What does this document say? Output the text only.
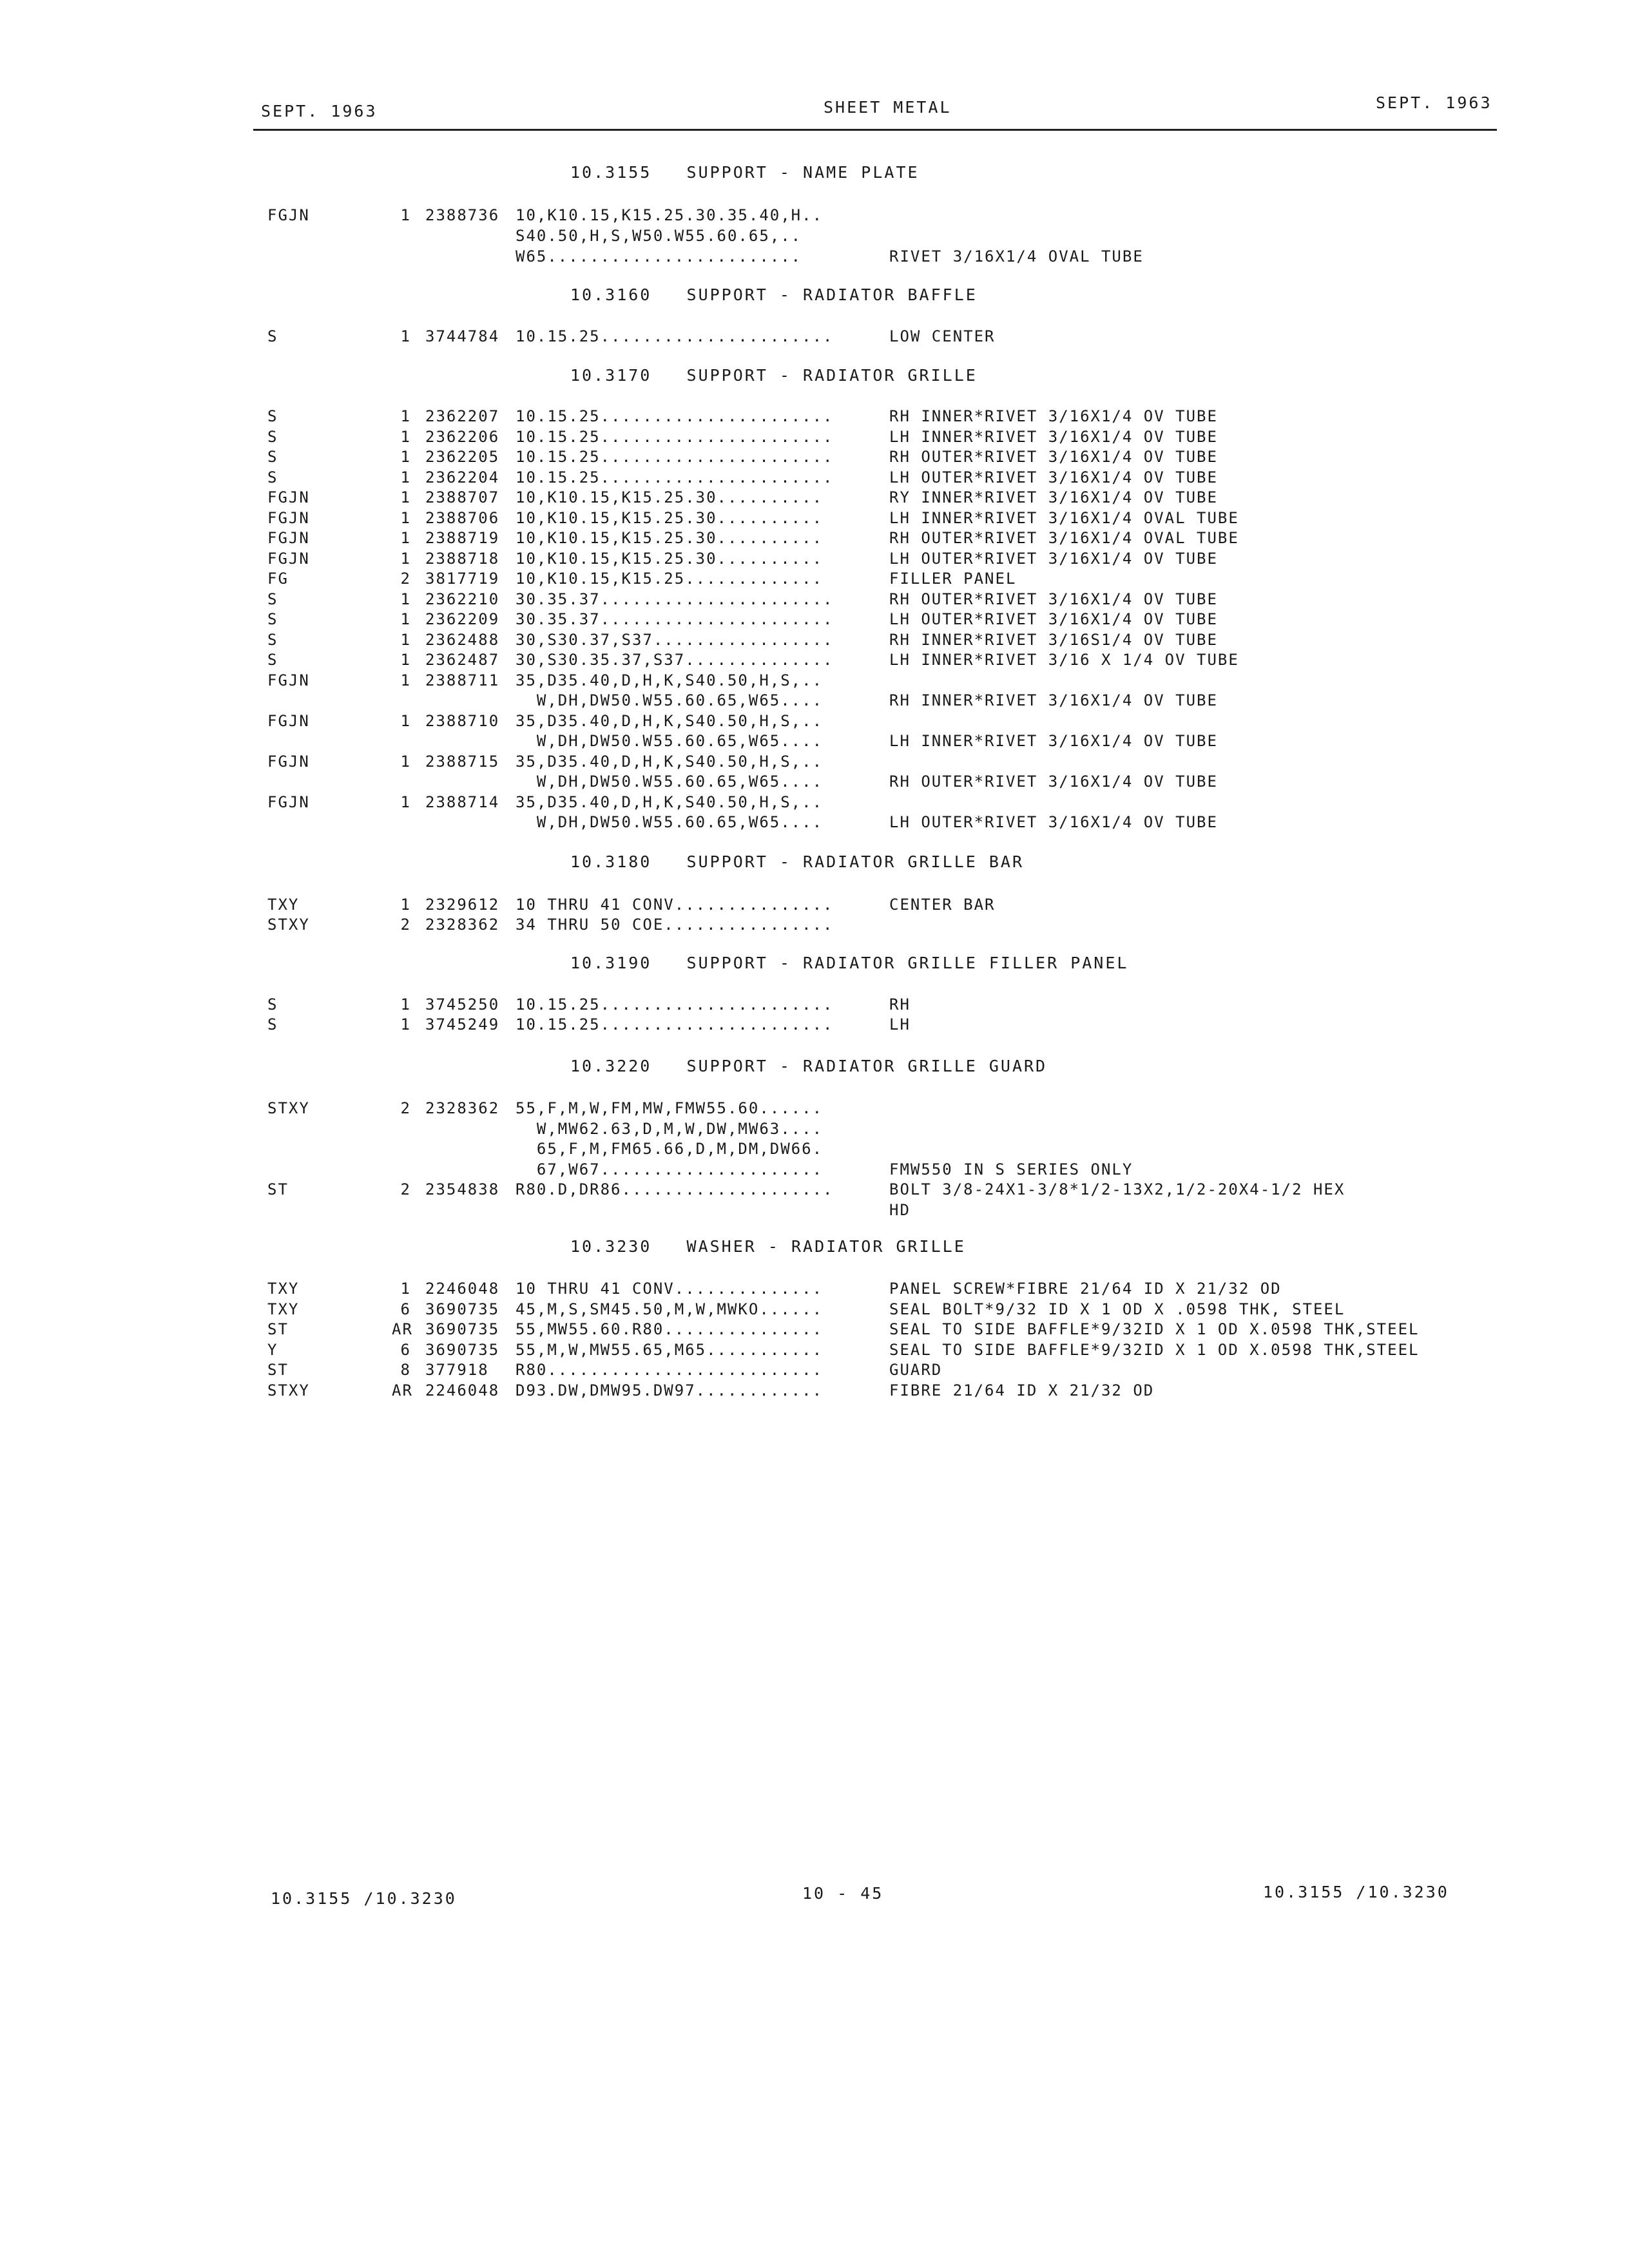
SEPT. 1963	SHEET METAL	SEPT. 1963
10.3155 SUPPORT - NAME PLATE
FGJN	1 2388736 10,K10.15,K15.25.30.35.40,H..
S40.50,H,S,W50.W55.60.65,..
W65........................	RIVET 3/16X1/4 OVAL TUBE
10.3160 SUPPORT - RADIATOR BAFFLE
S	1 3744784 10.15.25......................	LOW CENTER
10.3170 SUPPORT - RADIATOR GRILLE
S	1 2362207 10.15.25......................	RH INNER*RIVET 3/16X1/4 OV TUBE
S	1 2362206 10.15.25......................	LH INNER*RIVET 3/16X1/4 OV TUBE
S	1 2362205 10.15.25......................	RH OUTER*RIVET 3/16X1/4 OV TUBE
S	1 2362204 10.15.25......................	LH OUTER*RIVET 3/16X1/4 OV TUBE
FGJN	1 2388707 10,K10.15,K15.25.30..........	RY INNER*RIVET 3/16X1/4 OV TUBE
FGJN	1 2388706 10,K10.15,K15.25.30..........	LH INNER*RIVET 3/16X1/4 OVAL TUBE
FGJN	1 2388719 10,K10.15,K15.25.30..........	RH OUTER*RIVET 3/16X1/4 OVAL TUBE
FGJN	1 2388718 10,K10.15,K15.25.30..........	LH OUTER*RIVET 3/16X1/4 OV TUBE
FG	2 3817719 10,K10.15,K15.25.............	FILLER PANEL
S	1 2362210 30.35.37......................	RH OUTER*RIVET 3/16X1/4 OV TUBE
S	1 2362209 30.35.37......................	LH OUTER*RIVET 3/16X1/4 OV TUBE
S	1 2362488 30,S30.37,S37.................	RH INNER*RIVET 3/16S1/4 OV TUBE
S	1 2362487 30,S30.35.37,S37..............	LH INNER*RIVET 3/16 X 1/4 OV TUBE
FGJN	1 2388711 35,D35.40,D,H,K,S40.50,H,S,..
W,DH,DW50.W55.60.65,W65....	RH INNER*RIVET 3/16X1/4 OV TUBE
FGJN	1 2388710 35,D35.40,D,H,K,S40.50,H,S,..
W,DH,DW50.W55.60.65,W65....	LH INNER*RIVET 3/16X1/4 OV TUBE
FGJN	1 2388715 35,D35.40,D,H,K,S40.50,H,S,..
W,DH,DW50.W55.60.65,W65....	RH OUTER*RIVET 3/16X1/4 OV TUBE
FGJN	1 2388714 35,D35.40,D,H,K,S40.50,H,S,..
W,DH,DW50.W55.60.65,W65....	LH OUTER*RIVET 3/16X1/4 OV TUBE
10.3180 SUPPORT - RADIATOR GRILLE BAR
TXY	1 2329612 10 THRU 41 CONV...............	CENTER BAR
STXY	2 2328362 34 THRU 50 COE................
10.3190 SUPPORT - RADIATOR GRILLE FILLER PANEL
S	1 3745250 10.15.25......................	RH
S	1 3745249 10.15.25......................	LH
10.3220 SUPPORT - RADIATOR GRILLE GUARD
STXY	2 2328362 55,F,M,W,FM,MW,FMW55.60......
W,MW62.63,D,M,W,DW,MW63....
65,F,M,FM65.66,D,M,DM,DW66.
67,W67.....................	FMW550 IN S SERIES ONLY
ST	2 2354838 R80.D,DR86....................	BOLT 3/8-24X1-3/8*1/2-13X2,1/2-20X4-1/2 HEX
HD
10.3230 WASHER - RADIATOR GRILLE
TXY	1 2246048 10 THRU 41 CONV..............	PANEL SCREW*FIBRE 21/64 ID X 21/32 OD
TXY	6 3690735 45,M,S,SM45.50,M,W,MWKO......	SEAL BOLT*9/32 ID X 1 OD X .0598 THK, STEEL
ST	AR 3690735 55,MW55.60.R80...............	SEAL TO SIDE BAFFLE*9/32ID X 1 OD X.0598 THK,STEEL
Y	6 3690735 55,M,W,MW55.65,M65...........	SEAL TO SIDE BAFFLE*9/32ID X 1 OD X.0598 THK,STEEL
ST	8 377918 R80..........................	GUARD
STXY	AR 2246048 D93.DW,DMW95.DW97............	FIBRE 21/64 ID X 21/32 OD
10.3155 /10.3230	10 - 45	10.3155 /10.3230
